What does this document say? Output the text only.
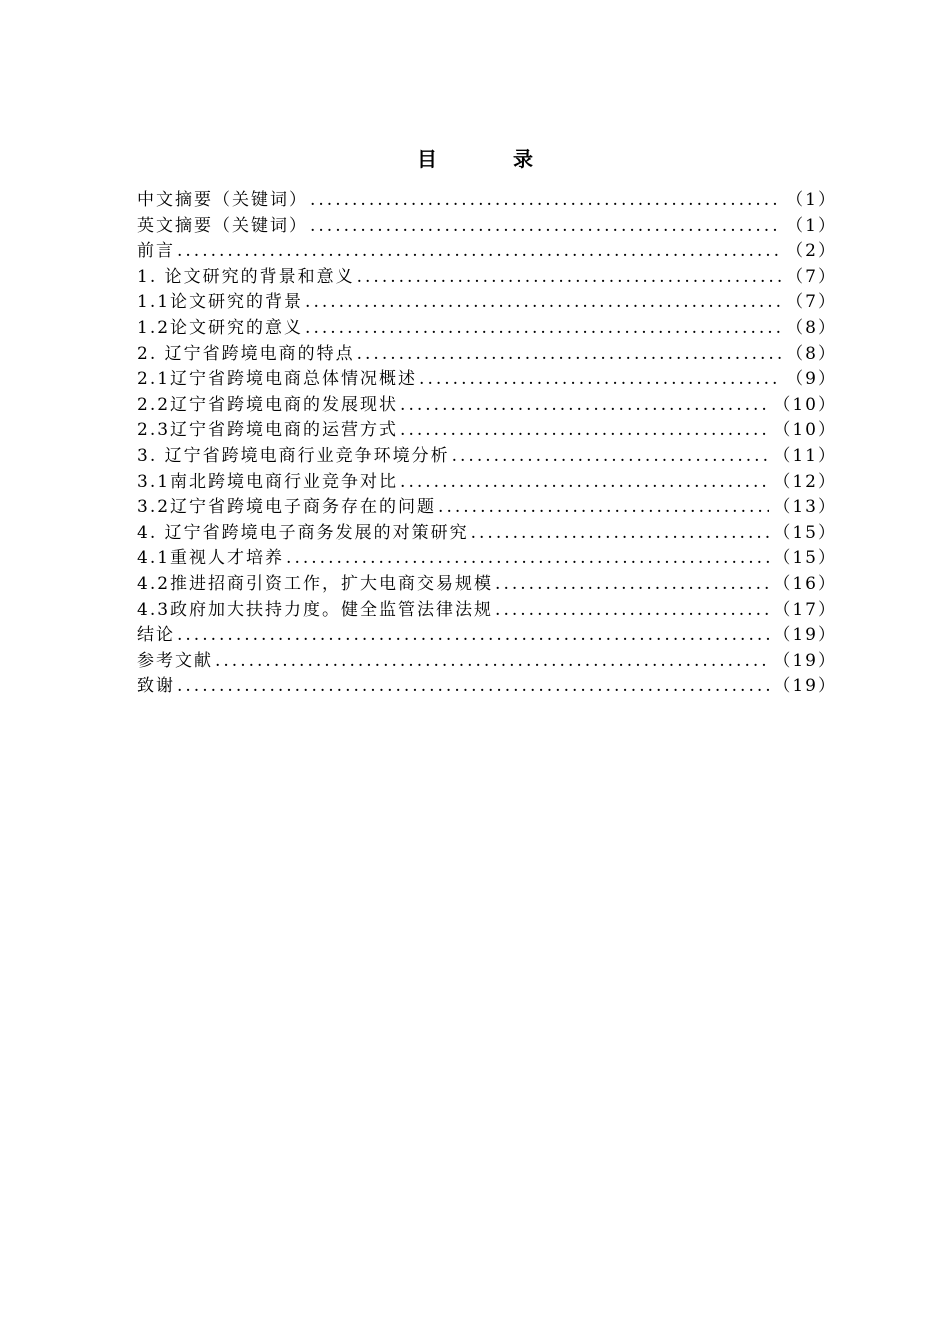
目　录
中文摘要（关键词） .....	（1）
英文摘要（关键词） .....	（1）
前言 .....	（2）
1. 论文研究的背景和意义 .....	（7）
1.1论文研究的背景 .....	（7）
1.2论文研究的意义 .....	（8）
2. 辽宁省跨境电商的特点 .....	（8）
2.1辽宁省跨境电商总体情况概述 .....	（9）
2.2辽宁省跨境电商的发展现状 .....	（10）
2.3辽宁省跨境电商的运营方式 .....	（10）
3. 辽宁省跨境电商行业竞争环境分析 .....	（11）
3.1南北跨境电商行业竞争对比 .....	（12）
3.2辽宁省跨境电子商务存在的问题 .....	（13）
4. 辽宁省跨境电子商务发展的对策研究 .....	（15）
4.1重视人才培养 .....	（15）
4.2推进招商引资工作，扩大电商交易规模 .....	（16）
4.3政府加大扶持力度。健全监管法律法规 .....	（17）
结论 .....	（19）
参考文献 .....	（19）
致谢 .....	（19）
